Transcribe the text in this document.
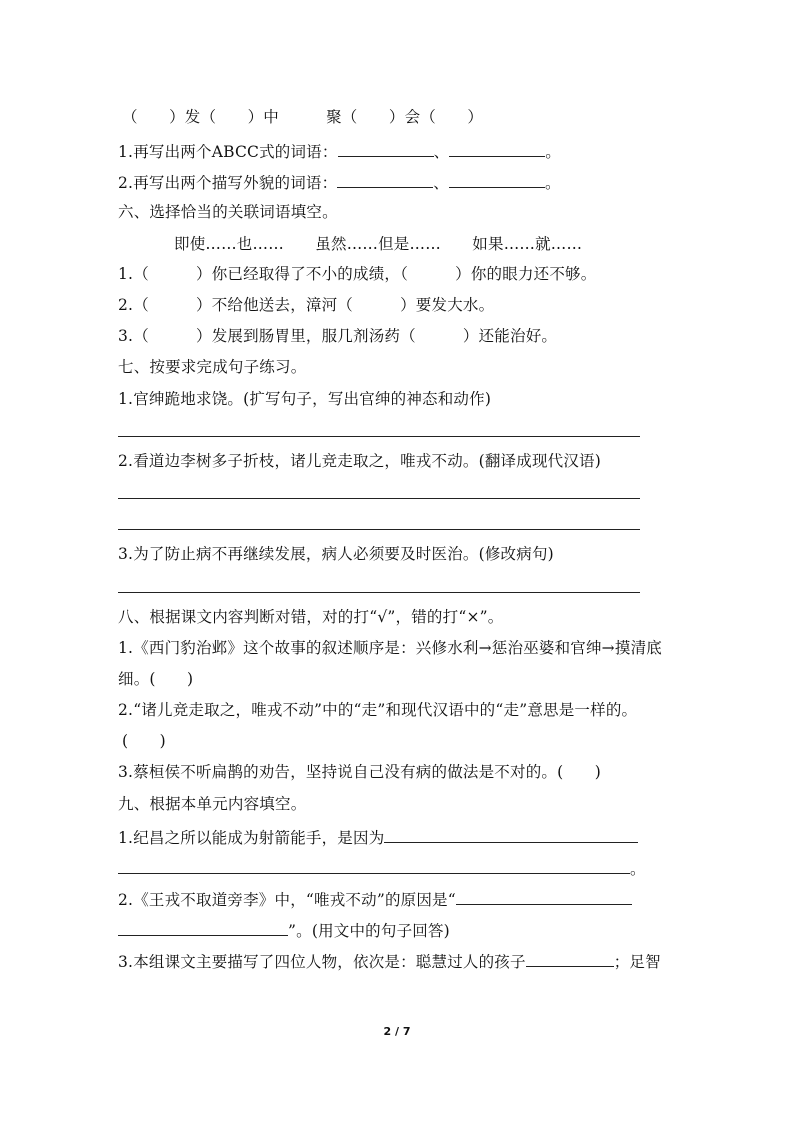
（　　）发（　　）中　　　聚（　　）会（　　）
1.再写出两个ABCC式的词语：	、	。
2.再写出两个描写外貌的词语：	、	。
六、选择恰当的关联词语填空。
即使……也……　　虽然……但是……　　如果……就……
1.（　　　）你已经取得了不小的成绩，（　　　）你的眼力还不够。
2.（　　　）不给他送去，漳河（　　　）要发大水。
3.（　　　）发展到肠胃里，服几剂汤药（　　　）还能治好。
七、按要求完成句子练习。
1.官绅跪地求饶。(扩写句子，写出官绅的神态和动作)
2.看道边李树多子折枝，诸儿竞走取之，唯戎不动。(翻译成现代汉语)
3.为了防止病不再继续发展，病人必须要及时医治。(修改病句)
八、根据课文内容判断对错，对的打“√”，错的打“×”。
1.《西门豹治邺》这个故事的叙述顺序是：兴修水利→惩治巫婆和官绅→摸清底
细。(　　)
2.“诸儿竞走取之，唯戎不动”中的“走”和现代汉语中的“走”意思是一样的。
(　　)
3.蔡桓侯不听扁鹊的劝告，坚持说自己没有病的做法是不对的。(　　)
九、根据本单元内容填空。
1.纪昌之所以能成为射箭能手，是因为
。
2.《王戎不取道旁李》中，“唯戎不动”的原因是“
”。(用文中的句子回答)
3.本组课文主要描写了四位人物，依次是：聪慧过人的孩子	；足智
2 / 7
